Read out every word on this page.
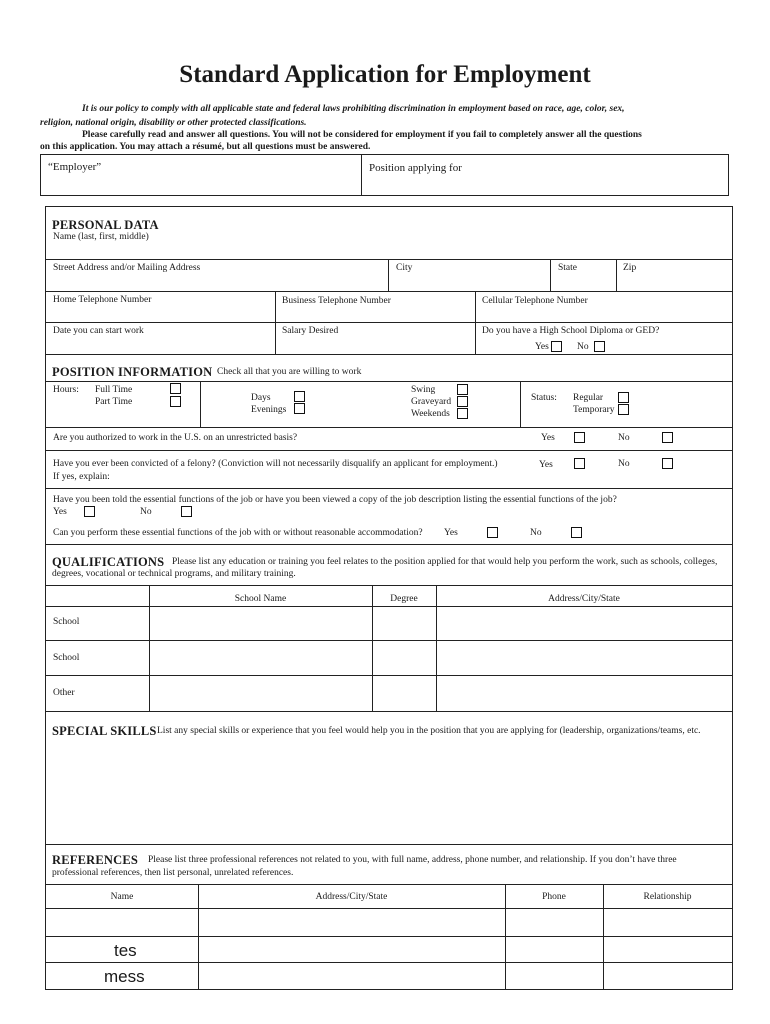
Standard Application for Employment
It is our policy to comply with all applicable state and federal laws prohibiting discrimination in employment based on race, age, color, sex,
religion, national origin, disability or other protected classifications.
Please carefully read and answer all questions. You will not be considered for employment if you fail to completely answer all the questions
on this application. You may attach a résumé, but all questions must be answered.
“Employer”	Position applying for
PERSONAL DATA
Name (last, first, middle)
Street Address and/or Mailing Address	City	State	Zip
Home Telephone Number	Business Telephone Number	Cellular Telephone Number
Date you can start work	Salary Desired	Do you have a High School Diploma or GED?
Yes	No
POSITION INFORMATION Check all that you are willing to work
Hours: Full Time
Part Time	Days
Evenings
Swing
Graveyard
Weekends
Status: Regular
Temporary
Are you authorized to work in the U.S. on an unrestricted basis?	Yes	No
Have you ever been convicted of a felony? (Conviction will not necessarily disqualify an applicant for employment.)	Yes	No
If yes, explain:
Have you been told the essential functions of the job or have you been viewed a copy of the job description listing the essential functions of the job?
Yes	No
Can you perform these essential functions of the job with or without reasonable accommodation? Yes	No
QUALIFICATIONS Please list any education or training you feel relates to the position applied for that would help you perform the work, such as schools, colleges,
degrees, vocational or technical programs, and military training.
School Name	Degree	Address/City/State
School
School
Other
SPECIAL SKILLS List any special skills or experience that you feel would help you in the position that you are applying for (leadership, organizations/teams, etc.
REFERENCES Please list three professional references not related to you, with full name, address, phone number, and relationship. If you don’t have three
professional references, then list personal, unrelated references.
Name	Address/City/State	Phone	Relationship
tes
mess
